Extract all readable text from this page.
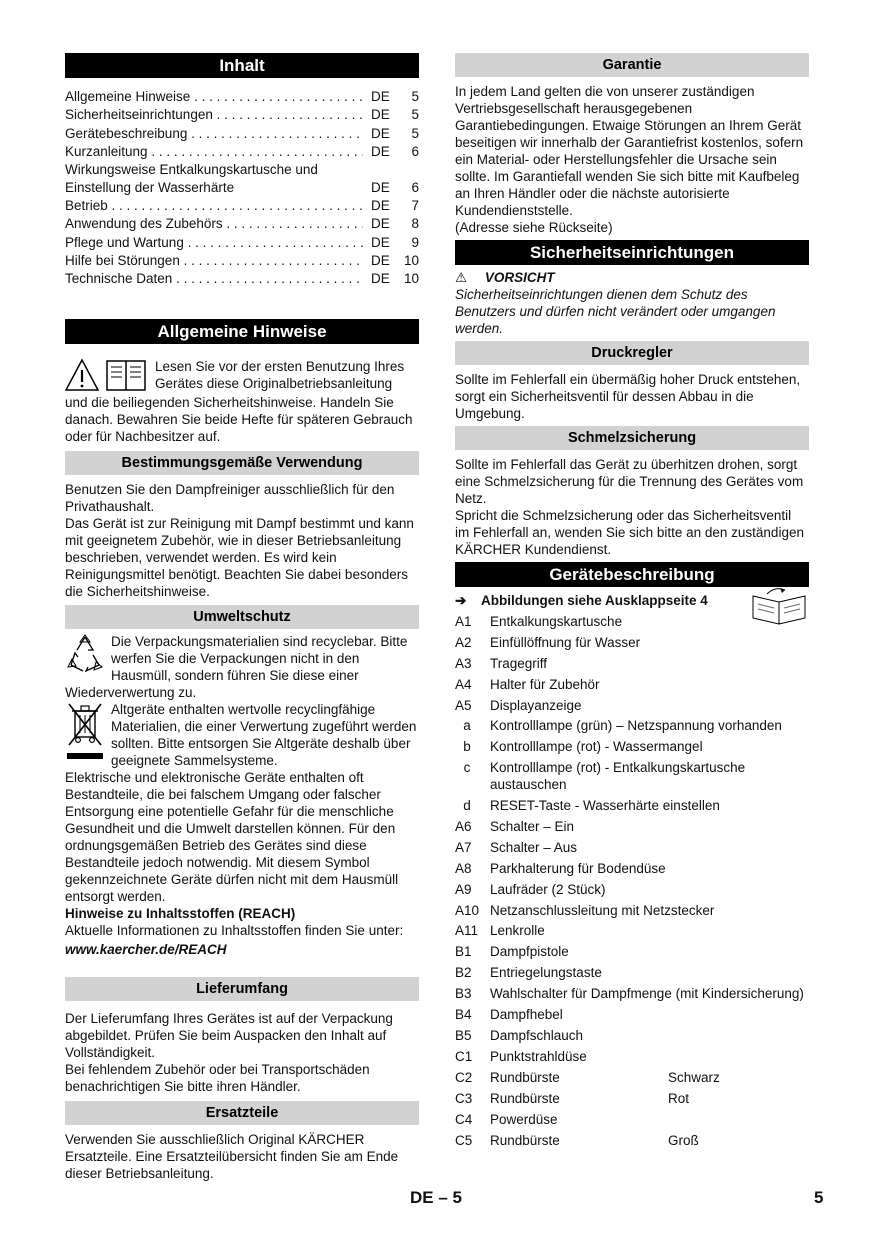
Inhalt
Allgemeine Hinweise . . .	DE	5
Sicherheitseinrichtungen . . .	DE	5
Gerätebeschreibung . . .	DE	5
Kurzanleitung . . .	DE	6
Wirkungsweise Entkalkungskartusche und Einstellung der Wasserhärte	DE	6
Betrieb . . .	DE	7
Anwendung des Zubehörs . . .	DE	8
Pflege und Wartung . . .	DE	9
Hilfe bei Störungen . . .	DE	10
Technische Daten . . .	DE	10
Allgemeine Hinweise

Lesen Sie vor der ersten Benutzung Ihres Gerätes diese Originalbetriebsanleitung

und die beiliegenden Sicherheitshinweise. Handeln Sie danach. Bewahren Sie beide Hefte für späteren Gebrauch oder für Nachbesitzer auf.

Bestimmungsgemäße Verwendung

Benutzen Sie den Dampfreiniger ausschließlich für den Privathaushalt.

Das Gerät ist zur Reinigung mit Dampf bestimmt und kann mit geeignetem Zubehör, wie in dieser Betriebsanleitung beschrieben, verwendet werden. Es wird kein Reinigungsmittel benötigt. Beachten Sie dabei besonders die Sicherheitshinweise.

Umweltschutz

Die Verpackungsmaterialien sind recyclebar. Bitte werfen Sie die Verpackungen nicht in den Hausmüll, sondern führen Sie diese einer Wiederverwertung zu.

Altgeräte enthalten wertvolle recyclingfähige Materialien, die einer Verwertung zugeführt werden sollten. Bitte entsorgen Sie Altgeräte deshalb über geeignete Sammelsysteme.

Elektrische und elektronische Geräte enthalten oft Bestandteile, die bei falschem Umgang oder falscher Entsorgung eine potentielle Gefahr für die menschliche Gesundheit und die Umwelt darstellen können. Für den ordnungsgemäßen Betrieb des Gerätes sind diese Bestandteile jedoch notwendig. Mit diesem Symbol gekennzeichnete Geräte dürfen nicht mit dem Hausmüll entsorgt werden.

Hinweise zu Inhaltsstoffen (REACH)

Aktuelle Informationen zu Inhaltsstoffen finden Sie unter:

www.kaercher.de/REACH

Lieferumfang

Der Lieferumfang Ihres Gerätes ist auf der Verpackung abgebildet. Prüfen Sie beim Auspacken den Inhalt auf Vollständigkeit.

Bei fehlendem Zubehör oder bei Transportschäden benachrichtigen Sie bitte ihren Händler.

Ersatzteile

Verwenden Sie ausschließlich Original KÄRCHER Ersatzteile. Eine Ersatzteilübersicht finden Sie am Ende dieser Betriebsanleitung.

Garantie

In jedem Land gelten die von unserer zuständigen Vertriebsgesellschaft herausgegebenen Garantiebedingungen. Etwaige Störungen an Ihrem Gerät beseitigen wir innerhalb der Garantiefrist kostenlos, sofern ein Material- oder Herstellungsfehler die Ursache sein sollte. Im Garantiefall wenden Sie sich bitte mit Kaufbeleg an Ihren Händler oder die nächste autorisierte Kundendienststelle.

(Adresse siehe Rückseite)

Sicherheitseinrichtungen

⚠ VORSICHT

Sicherheitseinrichtungen dienen dem Schutz des Benutzers und dürfen nicht verändert oder umgangen werden.

Druckregler

Sollte im Fehlerfall ein übermäßig hoher Druck entstehen, sorgt ein Sicherheitsventil für dessen Abbau in die Umgebung.

Schmelzsicherung

Sollte im Fehlerfall das Gerät zu überhitzen drohen, sorgt eine Schmelzsicherung für die Trennung des Gerätes vom Netz.

Spricht die Schmelzsicherung oder das Sicherheitsventil im Fehlerfall an, wenden Sie sich bitte an den zuständigen KÄRCHER Kundendienst.

Gerätebeschreibung
➔ Abbildungen siehe Ausklappseite 4
A1	Entkalkungskartusche
A2	Einfüllöffnung für Wasser
A3	Tragegriff
A4	Halter für Zubehör
A5	Displayanzeige
a	Kontrolllampe (grün) – Netzspannung vorhanden
b	Kontrolllampe (rot) - Wassermangel
c	Kontrolllampe (rot) - Entkalkungskartusche austauschen
d	RESET-Taste - Wasserhärte einstellen
A6	Schalter – Ein
A7	Schalter – Aus
A8	Parkhalterung für Bodendüse
A9	Laufräder (2 Stück)
A10 Netzanschlussleitung mit Netzstecker
A11 Lenkrolle
B1	Dampfpistole
B2	Entriegelungstaste
B3	Wahlschalter für Dampfmenge (mit Kindersicherung)
B4	Dampfhebel
B5	Dampfschlauch
C1	Punktstrahldüse
C2	Rundbürste	Schwarz
C3	Rundbürste	Rot
C4	Powerdüse
C5	Rundbürste	Groß
DE – 5	5
